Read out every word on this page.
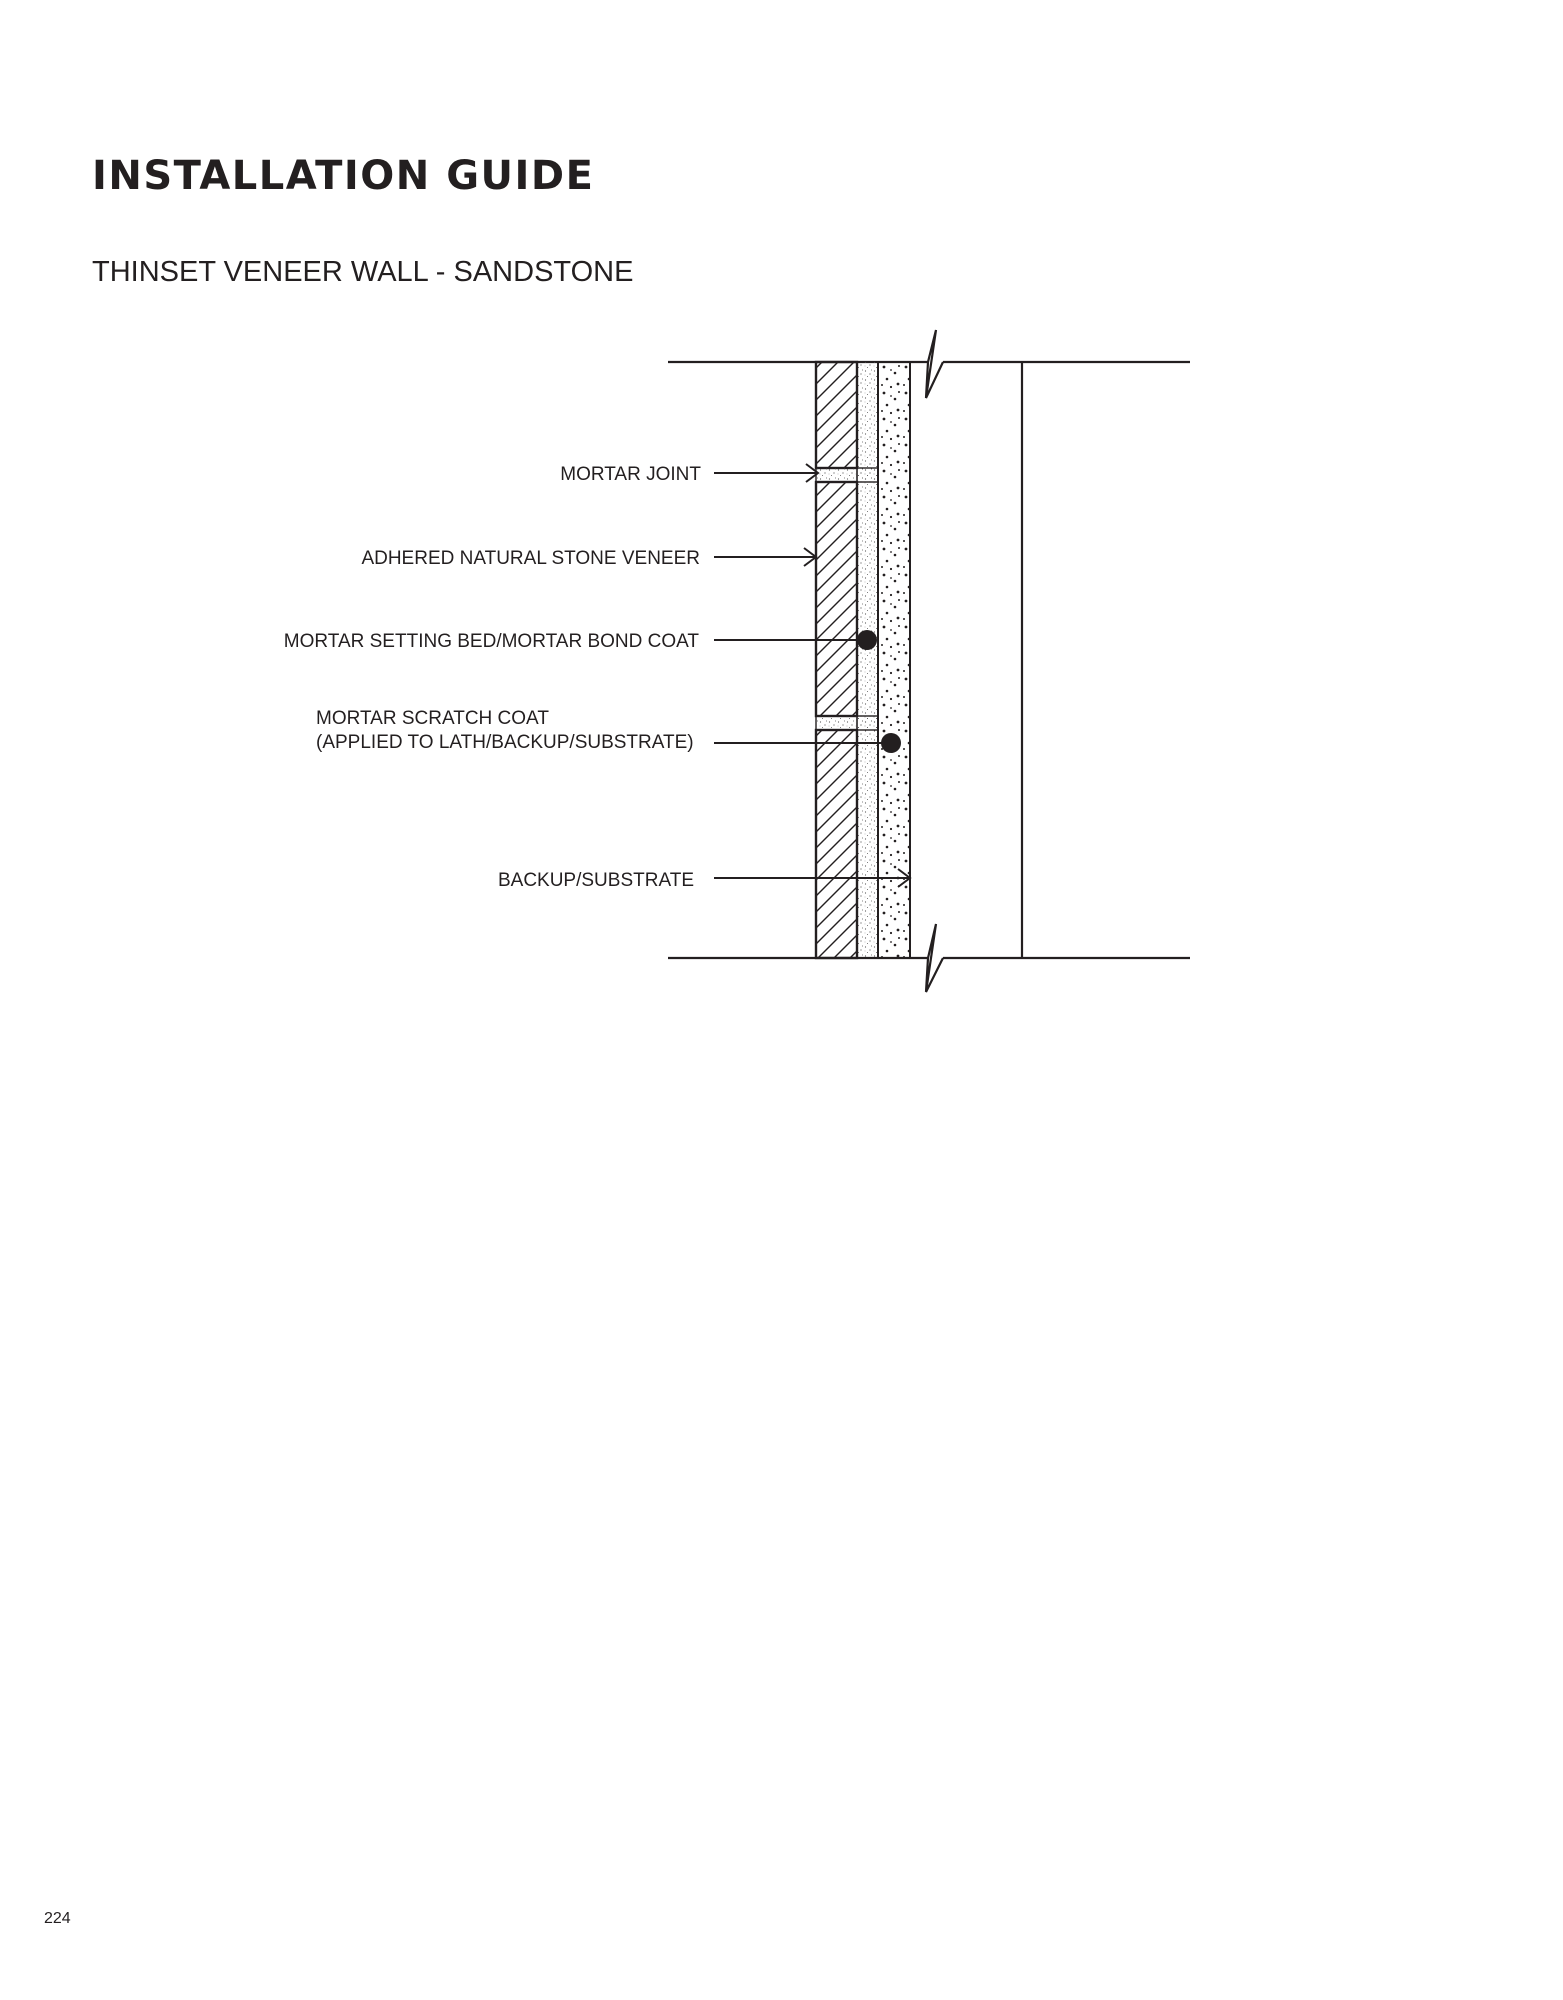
INSTALLATION GUIDE
THINSET VENEER WALL - SANDSTONE
MORTAR JOINT
ADHERED NATURAL STONE VENEER
MORTAR SETTING BED/MORTAR BOND COAT
MORTAR SCRATCH COAT
(APPLIED TO LATH/BACKUP/SUBSTRATE)
BACKUP/SUBSTRATE
224
